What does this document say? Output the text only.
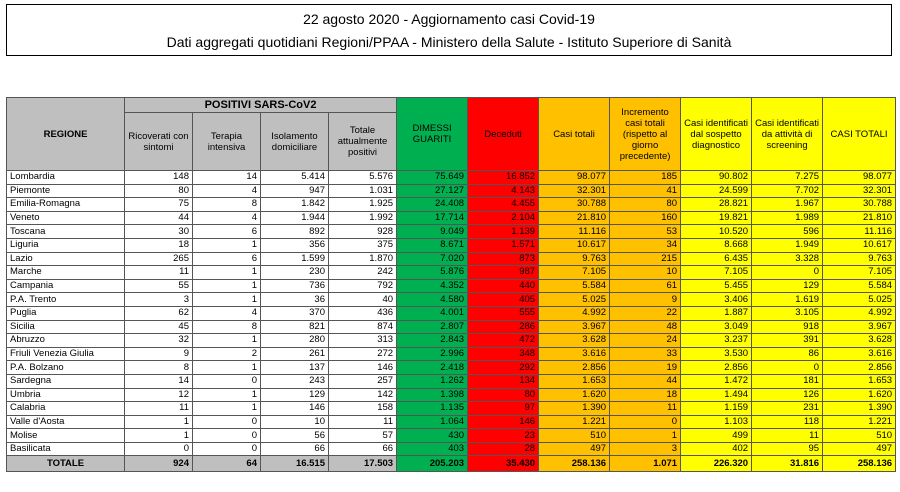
22 agosto 2020 - Aggiornamento casi Covid-19
Dati aggregati quotidiani Regioni/PPAA - Ministero della Salute - Istituto Superiore di Sanità
REGIONE	POSITIVI SARS-CoV2				DIMESSI GUARITI	Deceduti	Casi totali	Incremento casi totali (rispetto al giorno precedente)	Casi identificati dal sospetto diagnostico	Casi identificati da attività di screening	CASI TOTALI
	Ricoverati con sintomi	Terapia intensiva	Isolamento domiciliare	Totale attualmente positivi							
Lombardia	148	14	5.414	5.576	75.649	16.852	98.077	185	90.802	7.275	98.077
Piemonte	80	4	947	1.031	27.127	4.143	32.301	41	24.599	7.702	32.301
Emilia-Romagna	75	8	1.842	1.925	24.408	4.455	30.788	80	28.821	1.967	30.788
Veneto	44	4	1.944	1.992	17.714	2.104	21.810	160	19.821	1.989	21.810
Toscana	30	6	892	928	9.049	1.139	11.116	53	10.520	596	11.116
Liguria	18	1	356	375	8.671	1.571	10.617	34	8.668	1.949	10.617
Lazio	265	6	1.599	1.870	7.020	873	9.763	215	6.435	3.328	9.763
Marche	11	1	230	242	5.876	987	7.105	10	7.105	0	7.105
Campania	55	1	736	792	4.352	440	5.584	61	5.455	129	5.584
P.A. Trento	3	1	36	40	4.580	405	5.025	9	3.406	1.619	5.025
Puglia	62	4	370	436	4.001	555	4.992	22	1.887	3.105	4.992
Sicilia	45	8	821	874	2.807	286	3.967	48	3.049	918	3.967
Abruzzo	32	1	280	313	2.843	472	3.628	24	3.237	391	3.628
Friuli Venezia Giulia	9	2	261	272	2.996	348	3.616	33	3.530	86	3.616
P.A. Bolzano	8	1	137	146	2.418	292	2.856	19	2.856	0	2.856
Sardegna	14	0	243	257	1.262	134	1.653	44	1.472	181	1.653
Umbria	12	1	129	142	1.398	80	1.620	18	1.494	126	1.620
Calabria	11	1	146	158	1.135	97	1.390	11	1.159	231	1.390
Valle d'Aosta	1	0	10	11	1.064	146	1.221	0	1.103	118	1.221
Molise	1	0	56	57	430	23	510	1	499	11	510
Basilicata	0	0	66	66	403	28	497	3	402	95	497
TOTALE	924	64	16.515	17.503	205.203	35.430	258.136	1.071	226.320	31.816	258.136
